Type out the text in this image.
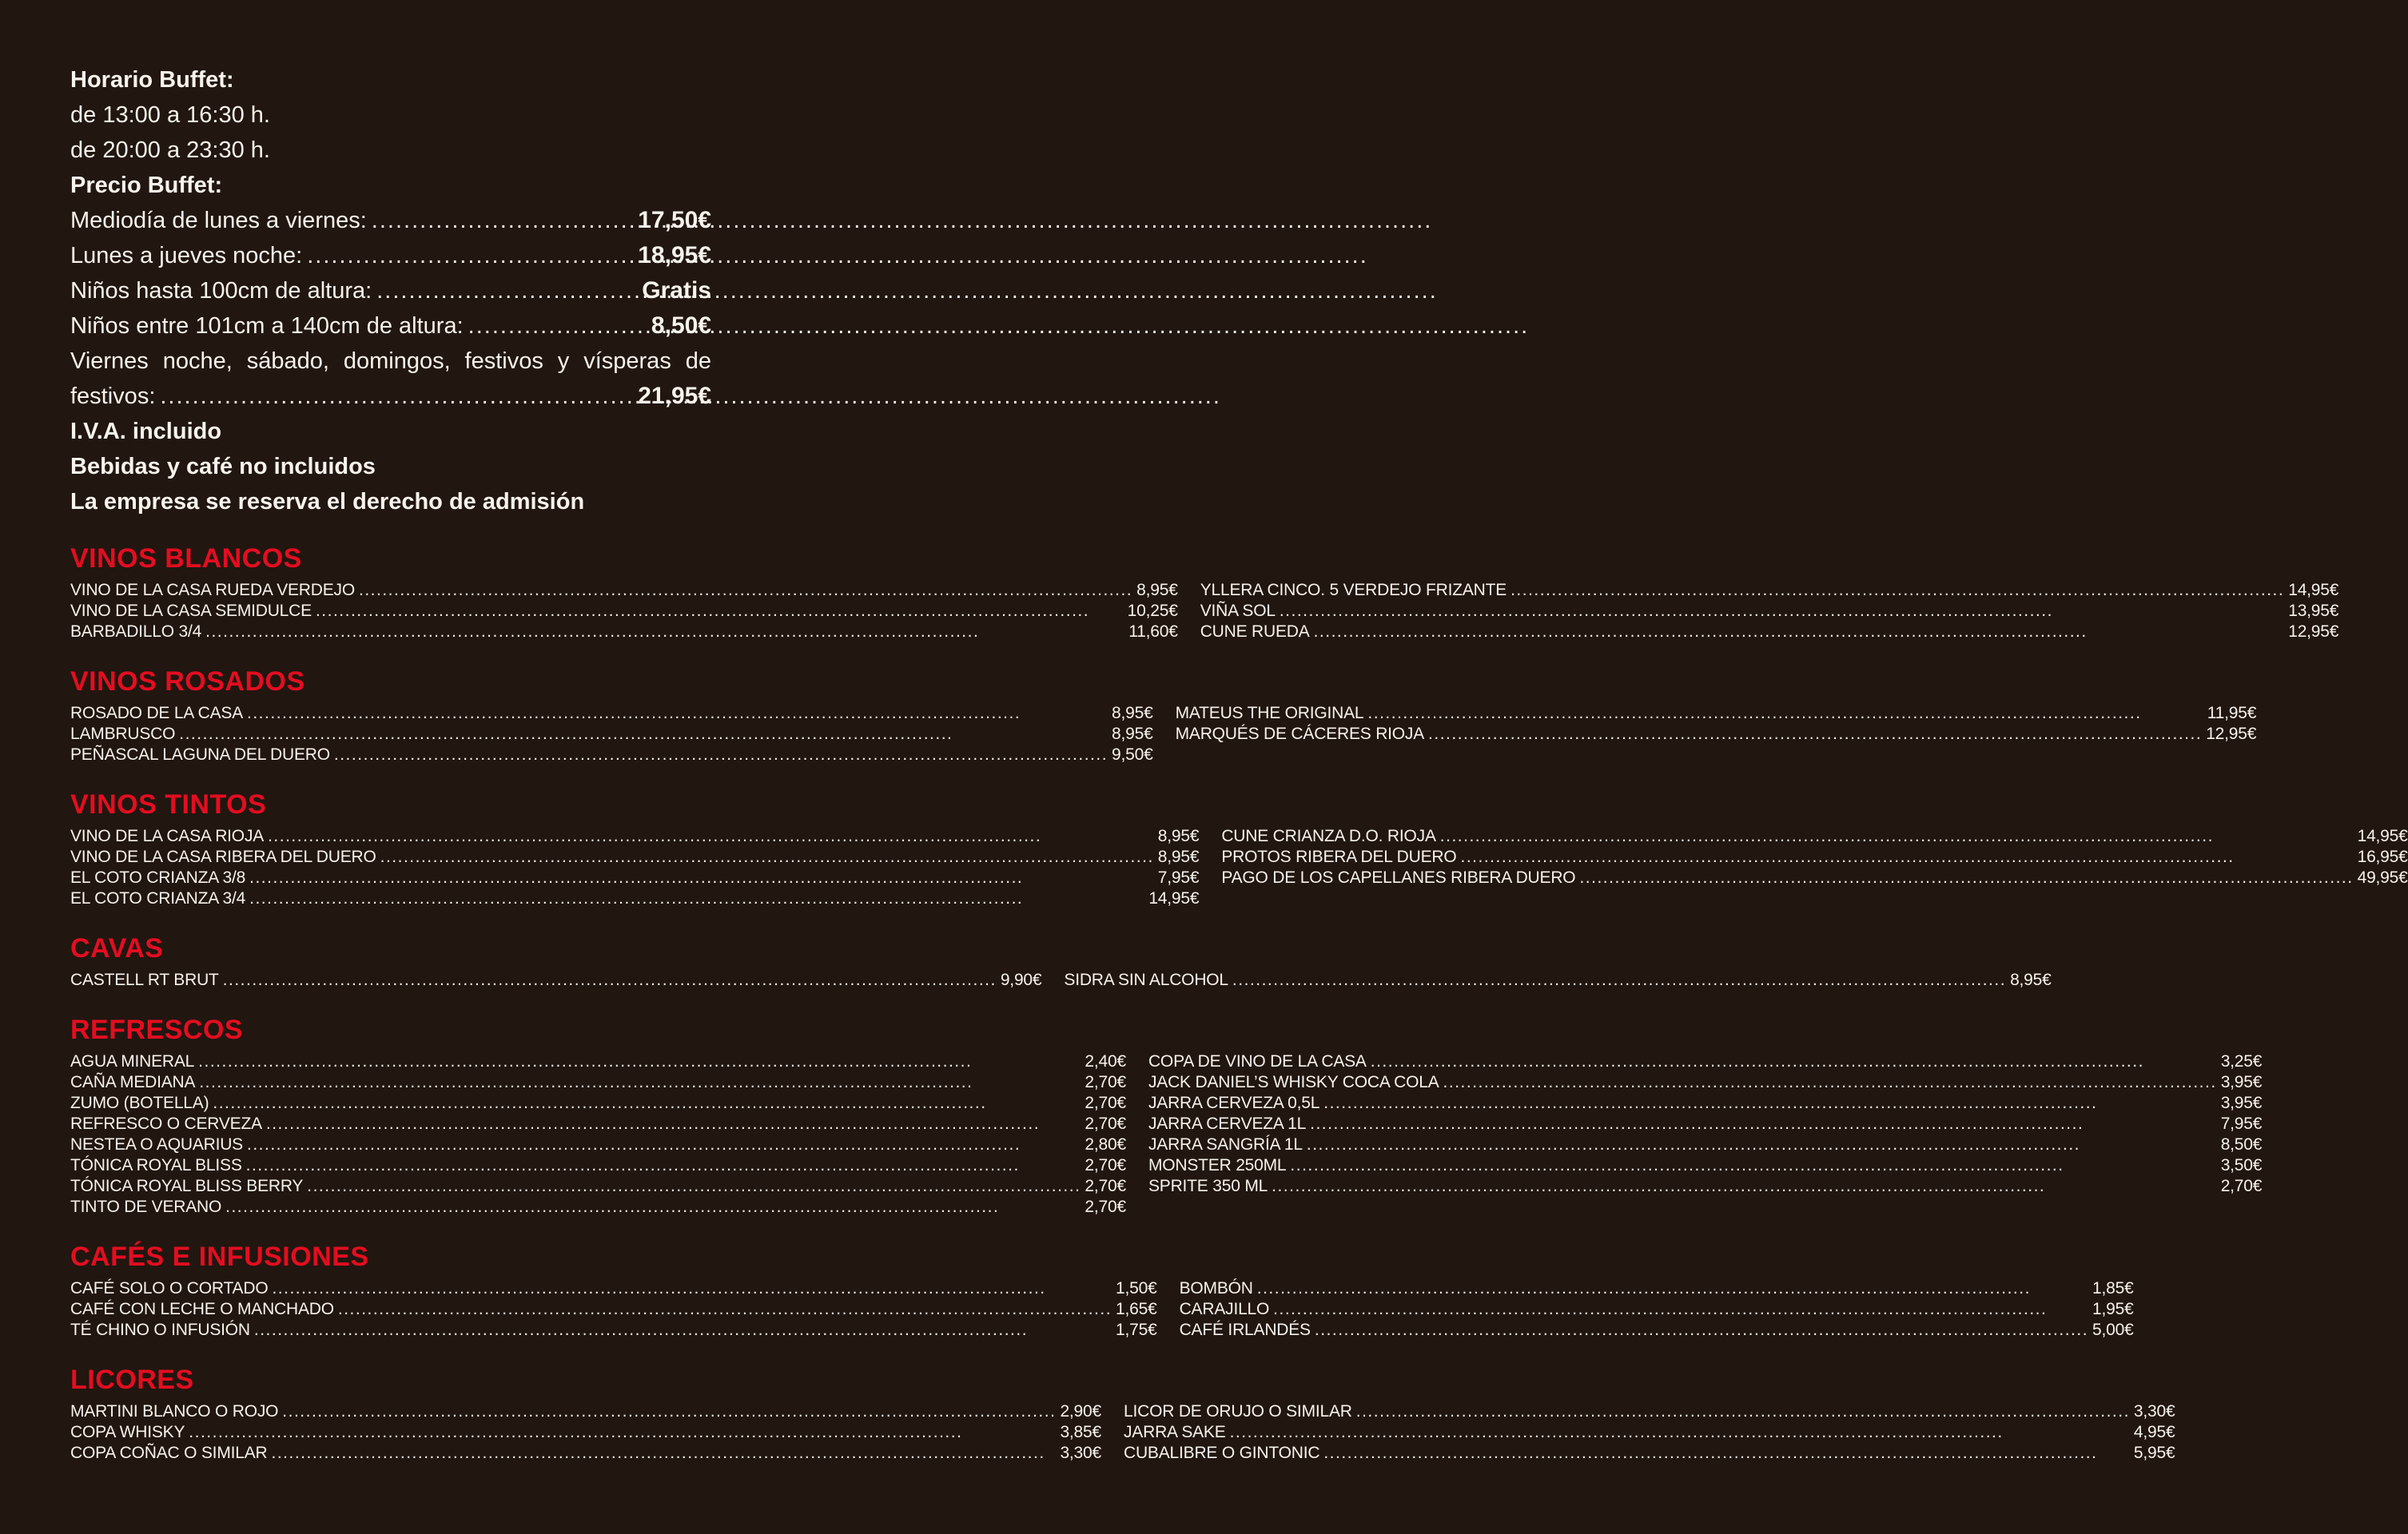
Horario Buffet:
de 13:00 a 16:30 h.
de 20:00 a 23:30 h.
Precio Buffet:
Mediodía de lunes a viernes: .....	17,50€
Lunes a jueves noche: .....	18,95€
Niños hasta 100cm de altura: .....	Gratis
Niños entre 101cm a 140cm de altura: .....	8,50€
Viernes noche, sábado, domingos, festivos y vísperas de
festivos: .....	21,95€
I.V.A. incluido
Bebidas y café no incluidos
La empresa se reserva el derecho de admisión
VINOS BLANCOS
VINO DE LA CASA RUEDA VERDEJO .....	8,95€
VINO DE LA CASA SEMIDULCE .....	10,25€
BARBADILLO 3/4 .....	11,60€
YLLERA CINCO. 5 VERDEJO FRIZANTE .....	14,95€
VIÑA SOL .....	13,95€
CUNE RUEDA .....	12,95€
VINOS ROSADOS
ROSADO DE LA CASA .....	8,95€
LAMBRUSCO .....	8,95€
PEÑASCAL LAGUNA DEL DUERO .....	9,50€
MATEUS THE ORIGINAL .....	11,95€
MARQUÉS DE CÁCERES RIOJA .....	12,95€
VINOS TINTOS
VINO DE LA CASA RIOJA .....	8,95€
VINO DE LA CASA RIBERA DEL DUERO .....	8,95€
EL COTO CRIANZA 3/8 .....	7,95€
EL COTO CRIANZA 3/4 .....	14,95€
CUNE CRIANZA D.O. RIOJA .....	14,95€
PROTOS RIBERA DEL DUERO .....	16,95€
PAGO DE LOS CAPELLANES RIBERA DUERO .....	49,95€
CAVAS
CASTELL RT BRUT .....	9,90€ SIDRA SIN ALCOHOL .....	8,95€
REFRESCOS
AGUA MINERAL .....	2,40€
CAÑA MEDIANA .....	2,70€
ZUMO (BOTELLA) .....	2,70€
REFRESCO O CERVEZA .....	2,70€
NESTEA O AQUARIUS .....	2,80€
TÓNICA ROYAL BLISS .....	2,70€
TÓNICA ROYAL BLISS BERRY .....	2,70€
TINTO DE VERANO .....	2,70€
COPA DE VINO DE LA CASA .....	3,25€
JACK DANIEL’S WHISKY COCA COLA .....	3,95€
JARRA CERVEZA 0,5L .....	3,95€
JARRA CERVEZA 1L .....	7,95€
JARRA SANGRÍA 1L .....	8,50€
MONSTER 250ML .....	3,50€
SPRITE 350 ML .....	2,70€
CAFÉS E INFUSIONES
CAFÉ SOLO O CORTADO .....	1,50€
CAFÉ CON LECHE O MANCHADO .....	1,65€
TÉ CHINO O INFUSIÓN .....	1,75€
BOMBÓN .....	1,85€
CARAJILLO .....	1,95€
CAFÉ IRLANDÉS .....	5,00€
LICORES
MARTINI BLANCO O ROJO .....	2,90€
COPA WHISKY .....	3,85€
COPA COÑAC O SIMILAR .....	3,30€
LICOR DE ORUJO O SIMILAR .....	3,30€
JARRA SAKE .....	4,95€
CUBALIBRE O GINTONIC .....	5,95€
